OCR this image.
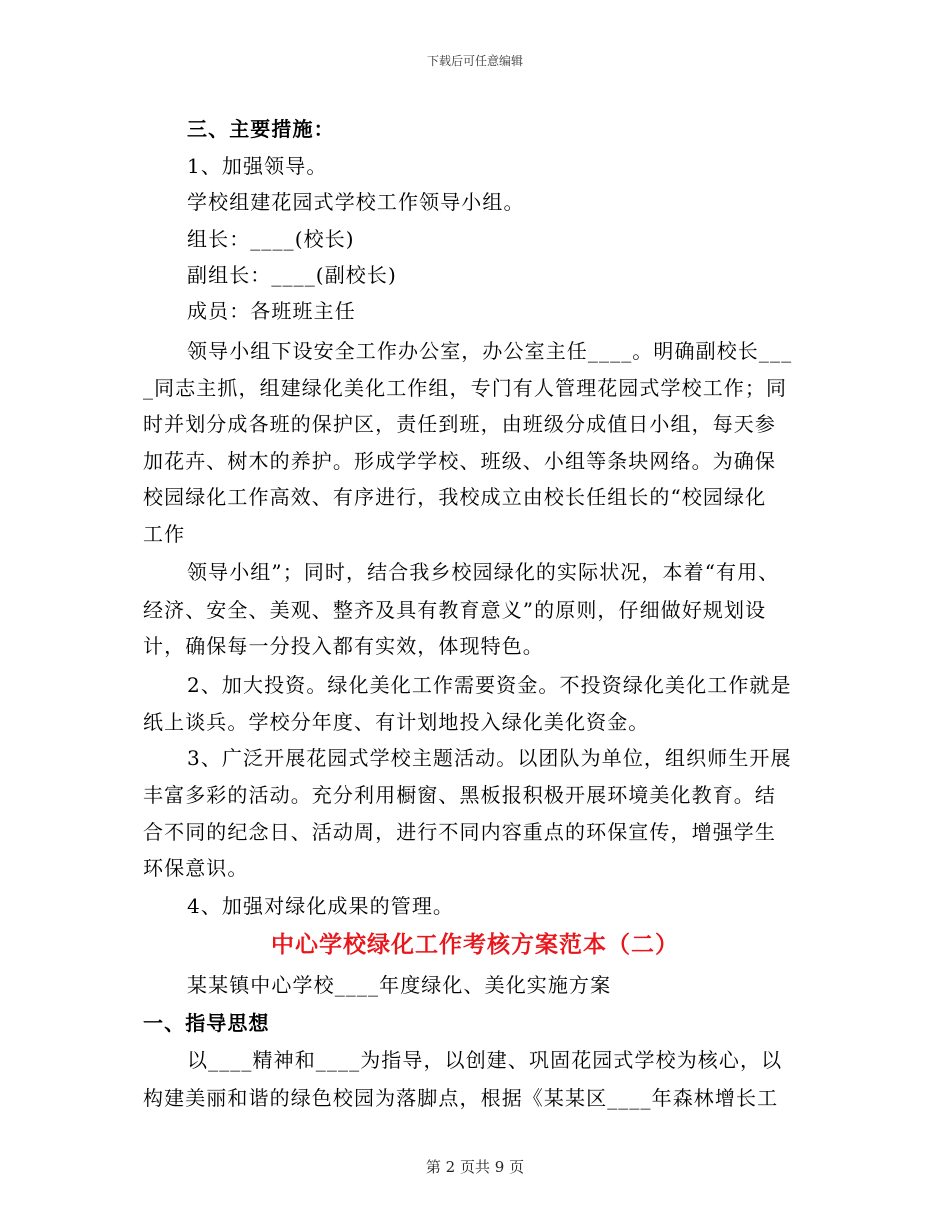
下载后可任意编辑
三、主要措施：
1、加强领导。
学校组建花园式学校工作领导小组。
组长：____(校长)
副组长：____(副校长)
成员：各班班主任
领导小组下设安全工作办公室，办公室主任____。明确副校长___
_同志主抓，组建绿化美化工作组，专门有人管理花园式学校工作；同
时并划分成各班的保护区，责任到班，由班级分成值日小组，每天参
加花卉、树木的养护。形成学学校、班级、小组等条块网络。为确保
校园绿化工作高效、有序进行，我校成立由校长任组长的“校园绿化
工作
领导小组”；同时，结合我乡校园绿化的实际状况，本着“有用、
经济、安全、美观、整齐及具有教育意义”的原则，仔细做好规划设
计，确保每一分投入都有实效，体现特色。
2、加大投资。绿化美化工作需要资金。不投资绿化美化工作就是
纸上谈兵。学校分年度、有计划地投入绿化美化资金。
3、广泛开展花园式学校主题活动。以团队为单位，组织师生开展
丰富多彩的活动。充分利用橱窗、黑板报积极开展环境美化教育。结
合不同的纪念日、活动周，进行不同内容重点的环保宣传，增强学生
环保意识。
4、加强对绿化成果的管理。
中心学校绿化工作考核方案范本（二）
某某镇中心学校____年度绿化、美化实施方案
一、指导思想
以____精神和____为指导，以创建、巩固花园式学校为核心，以
构建美丽和谐的绿色校园为落脚点，根据《某某区____年森林增长工
第 2 页共 9 页
